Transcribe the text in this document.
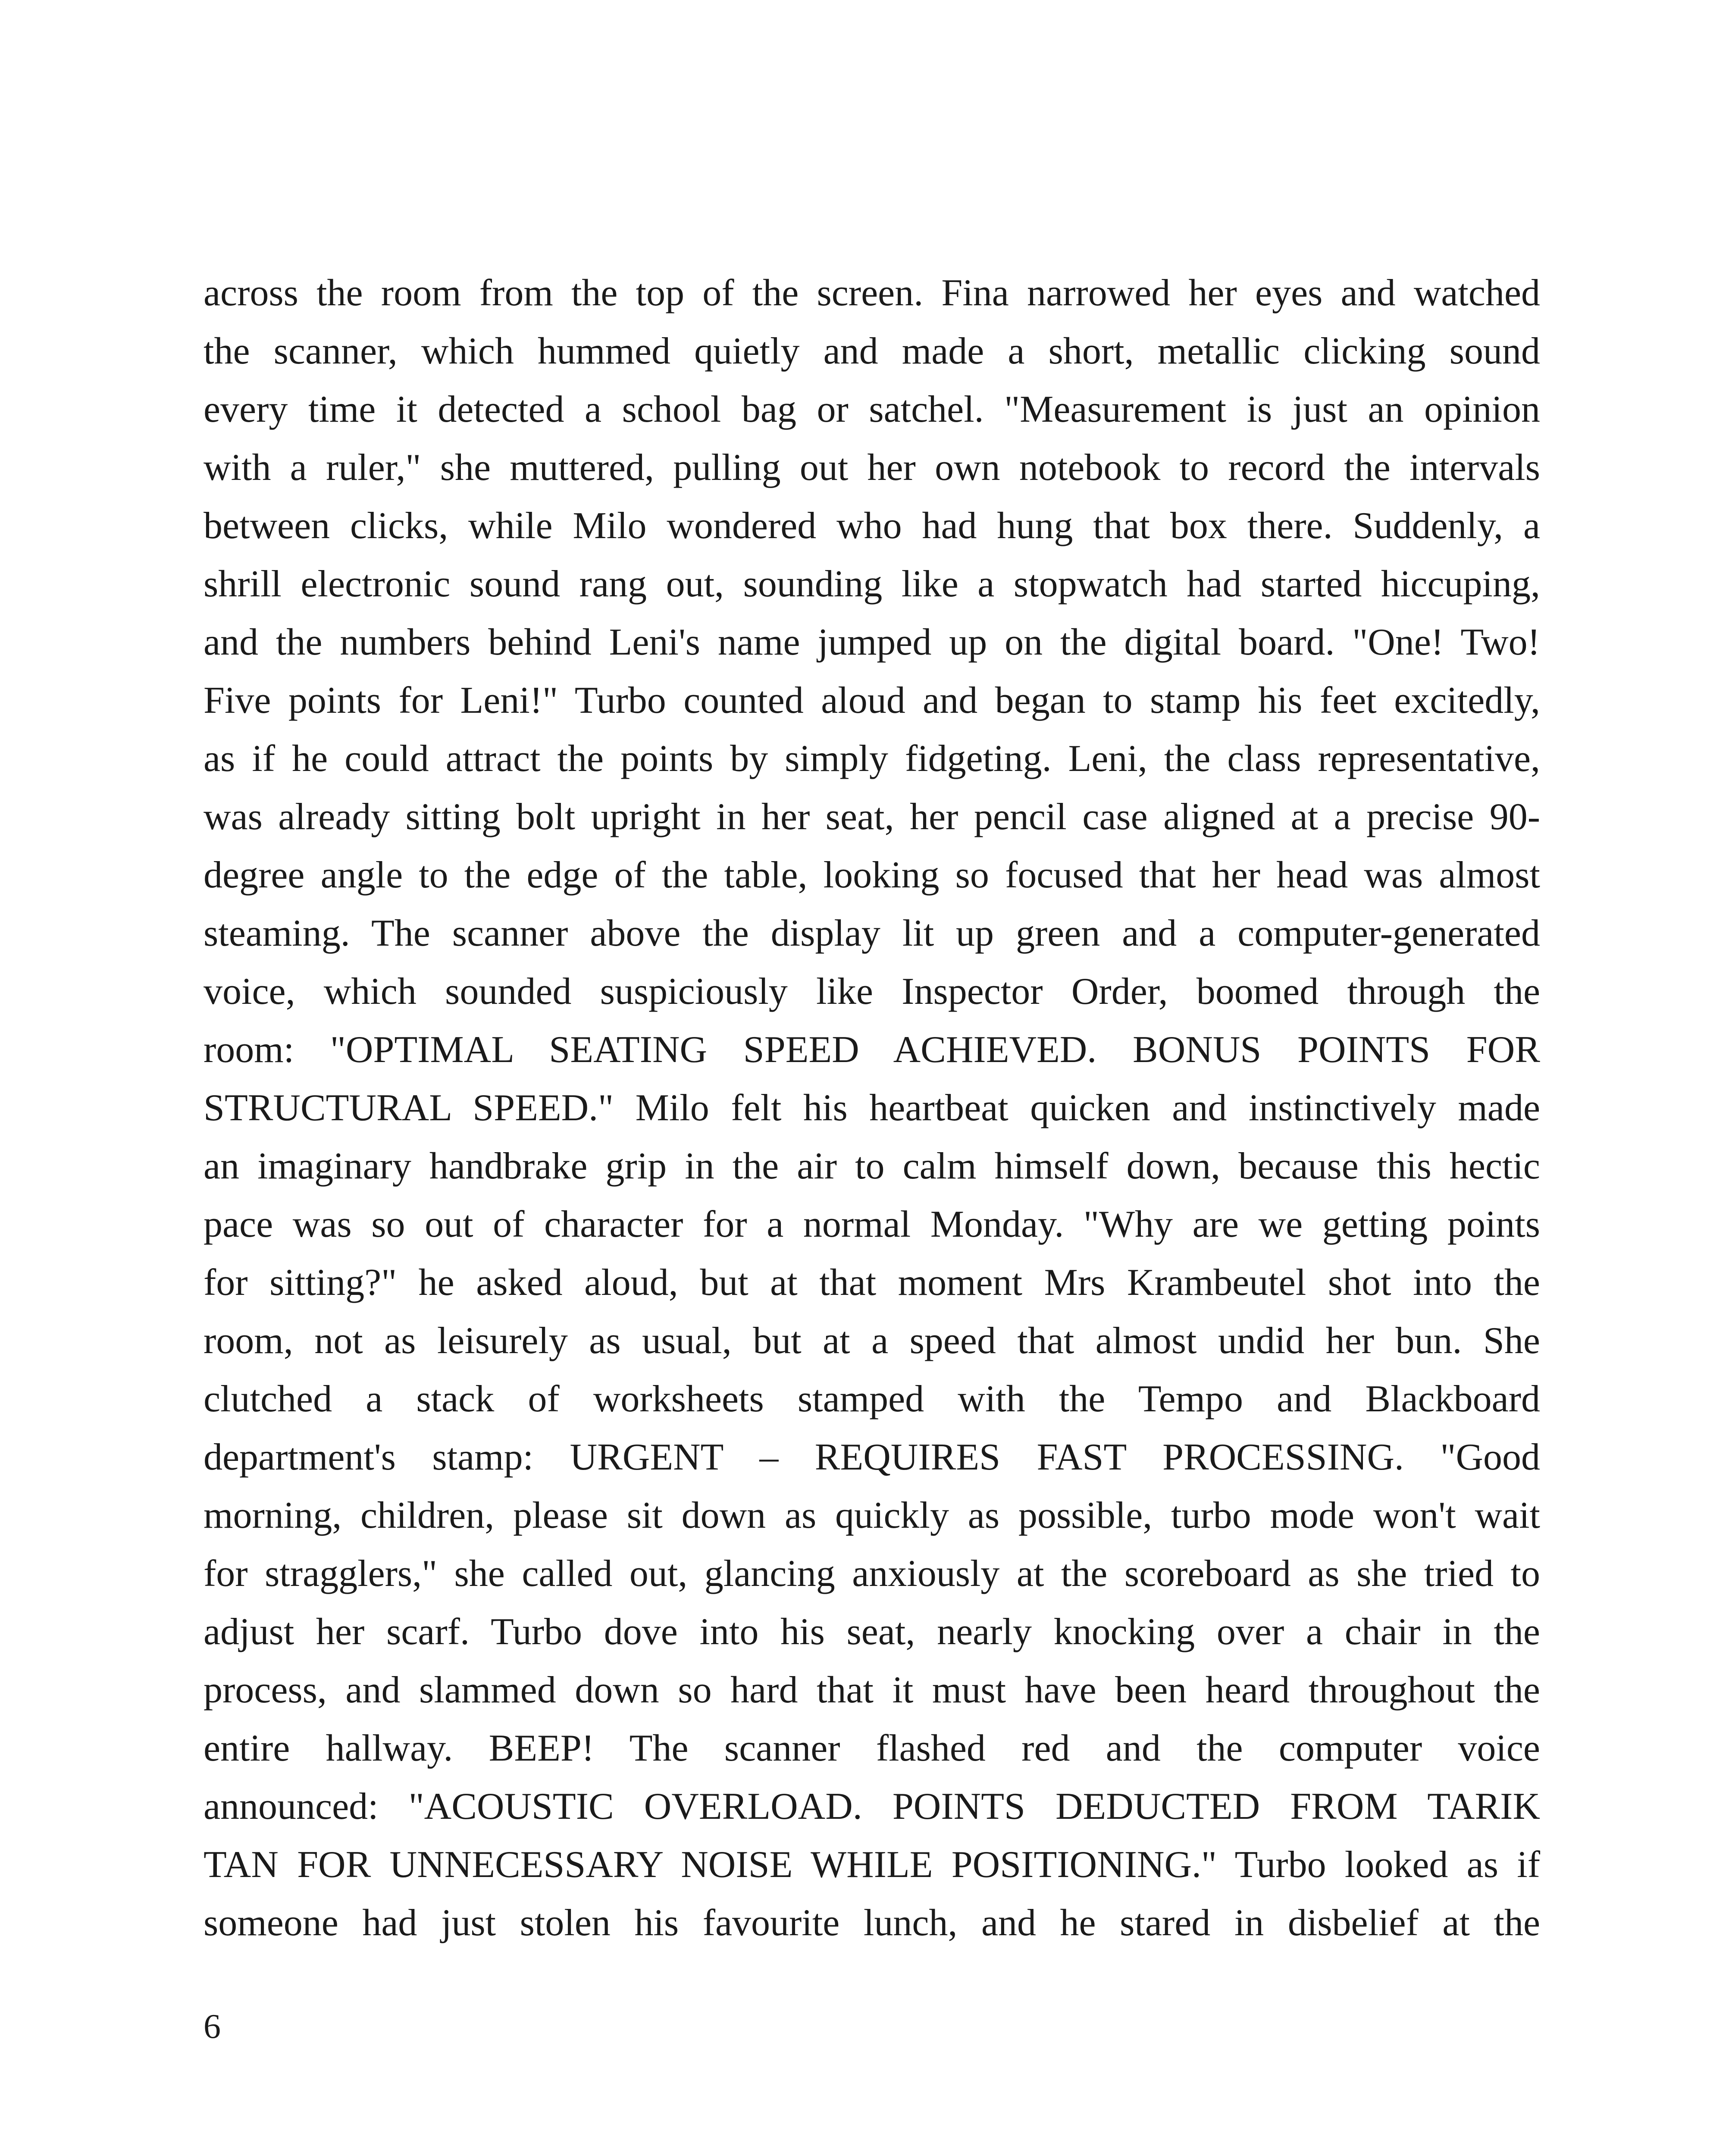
across the room from the top of the screen. Fina narrowed her eyes and watched
the scanner, which hummed quietly and made a short, metallic clicking sound
every time it detected a school bag or satchel. "Measurement is just an opinion
with a ruler," she muttered, pulling out her own notebook to record the intervals
between clicks, while Milo wondered who had hung that box there. Suddenly, a
shrill electronic sound rang out, sounding like a stopwatch had started hiccuping,
and the numbers behind Leni's name jumped up on the digital board. "One! Two!
Five points for Leni!" Turbo counted aloud and began to stamp his feet excitedly,
as if he could attract the points by simply fidgeting. Leni, the class representative,
was already sitting bolt upright in her seat, her pencil case aligned at a precise 90-
degree angle to the edge of the table, looking so focused that her head was almost
steaming. The scanner above the display lit up green and a computer-generated
voice, which sounded suspiciously like Inspector Order, boomed through the
room: "OPTIMAL SEATING SPEED ACHIEVED. BONUS POINTS FOR
STRUCTURAL SPEED." Milo felt his heartbeat quicken and instinctively made
an imaginary handbrake grip in the air to calm himself down, because this hectic
pace was so out of character for a normal Monday. "Why are we getting points
for sitting?" he asked aloud, but at that moment Mrs Krambeutel shot into the
room, not as leisurely as usual, but at a speed that almost undid her bun. She
clutched a stack of worksheets stamped with the Tempo and Blackboard
department's stamp: URGENT – REQUIRES FAST PROCESSING. "Good
morning, children, please sit down as quickly as possible, turbo mode won't wait
for stragglers," she called out, glancing anxiously at the scoreboard as she tried to
adjust her scarf. Turbo dove into his seat, nearly knocking over a chair in the
process, and slammed down so hard that it must have been heard throughout the
entire hallway. BEEP! The scanner flashed red and the computer voice
announced: "ACOUSTIC OVERLOAD. POINTS DEDUCTED FROM TARIK
TAN FOR UNNECESSARY NOISE WHILE POSITIONING." Turbo looked as if
someone had just stolen his favourite lunch, and he stared in disbelief at the
6
